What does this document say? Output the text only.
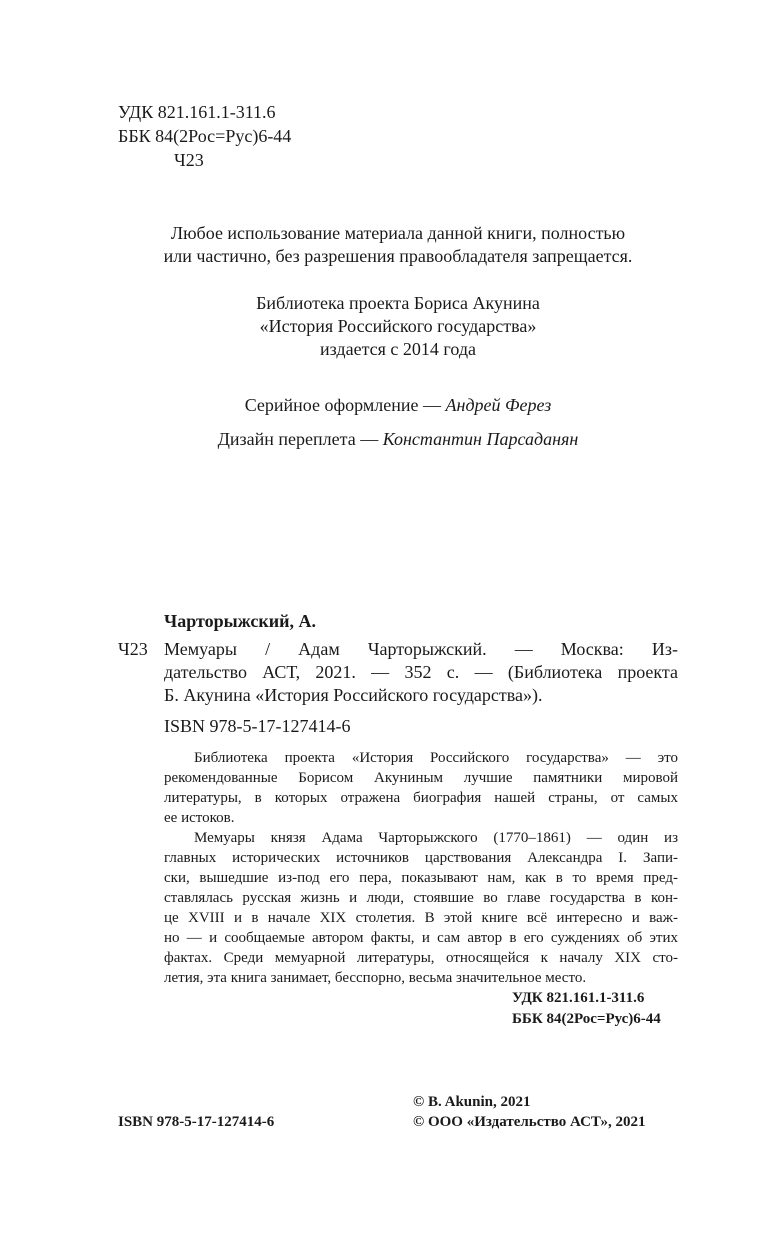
УДК 821.161.1-311.6
ББК 84(2Рос=Рус)6-44
Ч23
Любое использование материала данной книги, полностью
или частично, без разрешения правообладателя запрещается.
Библиотека проекта Бориса Акунина
«История Российского государства»
издается с 2014 года
Серийное оформление — Андрей Ферез
Дизайн переплета — Константин Парсаданян
Чарторыжский, А.
Ч23 Мемуары / Адам Чарторыжский. — Москва: Из-
дательство АСТ, 2021. — 352 с. — (Библиотека проекта
Б. Акунина «История Российского государства»).
ISBN 978-5-17-127414-6
Библиотека проекта «История Российского государства» — это
рекомендованные Борисом Акуниным лучшие памятники мировой
литературы, в которых отражена биография нашей страны, от самых
ее истоков.
Мемуары князя Адама Чарторыжского (1770–1861) — один из
главных исторических источников царствования Александра I. Запи-
ски, вышедшие из-под его пера, показывают нам, как в то время пред-
ставлялась русская жизнь и люди, стоявшие во главе государства в кон-
це XVIII и в начале XIX столетия. В этой книге всё интересно и важ-
но — и сообщаемые автором факты, и сам автор в его суждениях об этих
фактах. Среди мемуарной литературы, относящейся к началу XIX сто-
летия, эта книга занимает, бесспорно, весьма значительное место.
УДК 821.161.1-311.6
ББК 84(2Рос=Рус)6-44
ISBN 978-5-17-127414-6
© B. Akunin, 2021
© ООО «Издательство АСТ», 2021
